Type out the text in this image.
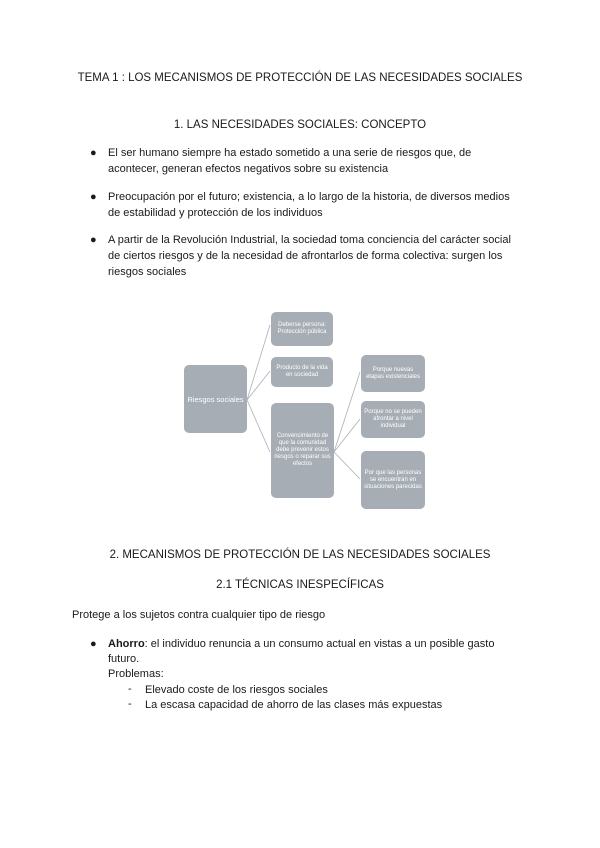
TEMA 1 : LOS MECANISMOS DE PROTECCIÓN DE LAS NECESIDADES SOCIALES
1. LAS NECESIDADES SOCIALES: CONCEPTO
● El ser humano siempre ha estado sometido a una serie de riesgos que, de
acontecer, generan efectos negativos sobre su existencia
● Preocupación por el futuro; existencia, a lo largo de la historia, de diversos medios
de estabilidad y protección de los individuos
● A partir de la Revolución Industrial, la sociedad toma conciencia del carácter social
de ciertos riesgos y de la necesidad de afrontarlos de forma colectiva: surgen los
riesgos sociales
Riesgos sociales
Deberse persona: Protección pública
Producto de la vida en sociedad
Convencimiento de que la comunidad debe prevenir estos riesgos o reparar sus efectos
Porque nuevas etapas existenciales
Porque no se pueden afrontar a nivel individual
Por que las personas se encuentran en situaciones parecidas
2. MECANISMOS DE PROTECCIÓN DE LAS NECESIDADES SOCIALES
2.1 TÉCNICAS INESPECÍFICAS
Protege a los sujetos contra cualquier tipo de riesgo
● Ahorro: el individuo renuncia a un consumo actual en vistas a un posible gasto
futuro.
Problemas:
- Elevado coste de los riesgos sociales
- La escasa capacidad de ahorro de las clases más expuestas
